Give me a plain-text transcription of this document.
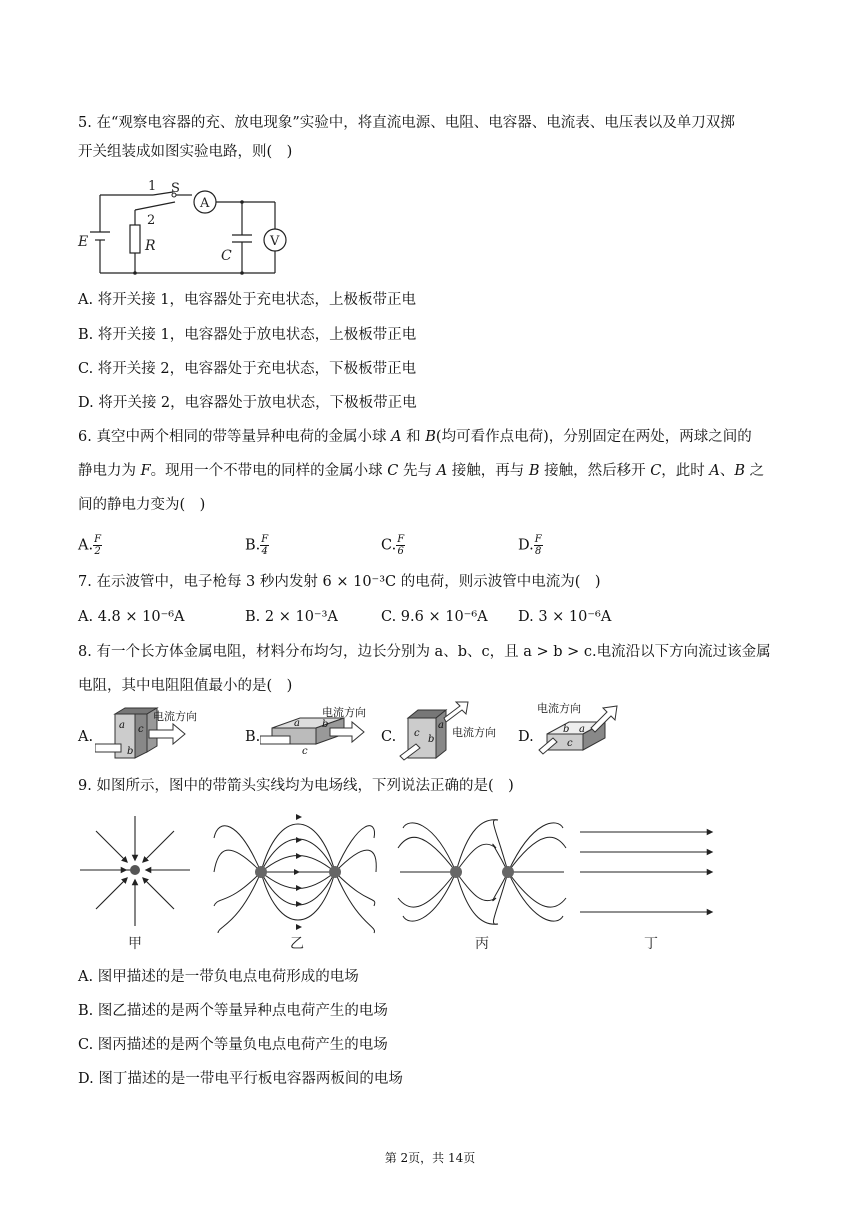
5. 在“观察电容器的充、放电现象”实验中，将直流电源、电阻、电容器、电流表、电压表以及单刀双掷
开关组装成如图实验电路，则(　)
1 S
2
R
E
C
A
V
A. 将开关接 1，电容器处于充电状态，上极板带正电
B. 将开关接 1，电容器处于放电状态，上极板带正电
C. 将开关接 2，电容器处于充电状态，下极板带正电
D. 将开关接 2，电容器处于放电状态，下极板带正电
6. 真空中两个相同的带等量异种电荷的金属小球 A 和 B(均可看作点电荷)，分别固定在两处，两球之间的
静电力为 F。现用一个不带电的同样的金属小球 C 先与 A 接触，再与 B 接触，然后移开 C，此时 A、B 之
间的静电力变为(　)
A. $\frac{F}{2}$	B. $\frac{F}{4}$	C. $\frac{F}{6}$	D. $\frac{F}{8}$
7. 在示波管中，电子枪每 3 秒内发射 6 × 10⁻³C 的电荷，则示波管中电流为(　)
A. 4.8 × 10⁻⁶A	B. 2 × 10⁻³A	C. 9.6 × 10⁻⁶A D. 3 × 10⁻⁶A
8. 有一个长方体金属电阻，材料分布均匀，边长分别为 a、b、c，且 a > b > c.电流沿以下方向流过该金属
电阻，其中电阻阻值最小的是(　)
A.
a c
b
电流方向
B.
a b
c
电流方向
C. c
b
a
电流方向 D.
电流方向
b a
c
9. 如图所示，图中的带箭头实线均为电场线，下列说法正确的是(　)
甲	乙	丙	丁
A. 图甲描述的是一带负电点电荷形成的电场
B. 图乙描述的是两个等量异种点电荷产生的电场
C. 图丙描述的是两个等量负电点电荷产生的电场
D. 图丁描述的是一带电平行板电容器两板间的电场
第 2页，共 14页
